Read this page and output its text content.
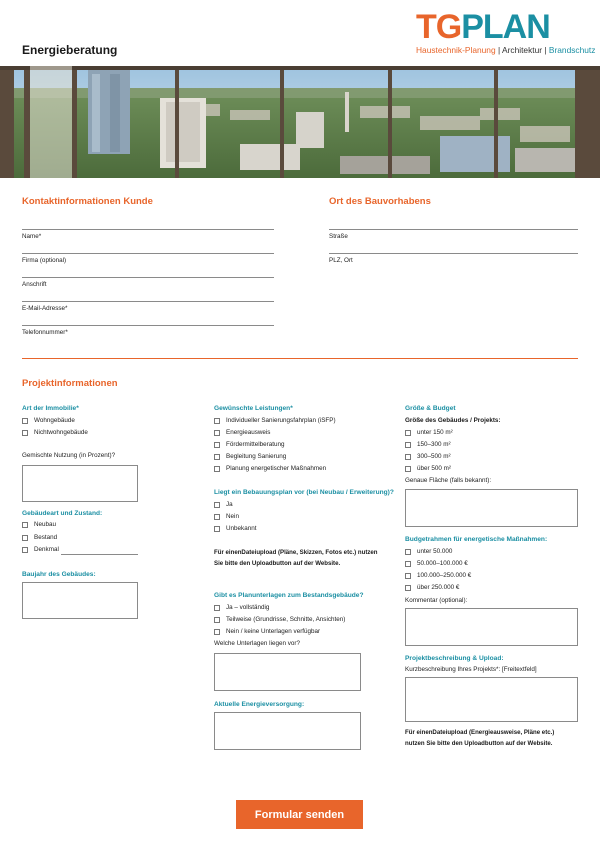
Energieberatung
TGPLAN
Haustechnik-Planung | Architektur | Brandschutz
Kontaktinformationen Kunde
Name*
Firma (optional)
Anschrift
E-Mail-Adresse*
Telefonnummer*
Ort des Bauvorhabens
Straße
PLZ, Ort
Projektinformationen
Art der Immobilie*
Wohngebäude
Nichtwohngebäude
Gemischte Nutzung (in Prozent)?
Gebäudeart und Zustand:
Neubau
Bestand
Denkmal
Baujahr des Gebäudes:
Gewünschte Leistungen*
Individueller Sanierungsfahrplan (iSFP)
Energieausweis
Fördermittelberatung
Begleitung Sanierung
Planung energetischer Maßnahmen
Liegt ein Bebauungsplan vor (bei Neubau / Erweiterung)?
Ja
Nein
Unbekannt
Für einenDateiupload (Pläne, Skizzen, Fotos etc.) nutzen
Sie bitte den Uploadbutton auf der Website.
Gibt es Planunterlagen zum Bestandsgebäude?
Ja – vollständig
Teilweise (Grundrisse, Schnitte, Ansichten)
Nein / keine Unterlagen verfügbar
Welche Unterlagen liegen vor?
Aktuelle Energieversorgung:
Größe & Budget
Größe des Gebäudes / Projekts:
unter 150 m²
150–300 m²
300–500 m²
über 500 m²
Genaue Fläche (falls bekannt):
Budgetrahmen für energetische Maßnahmen:
unter 50.000
50.000–100.000 €
100.000–250.000 €
über 250.000 €
Kommentar (optional):
Projektbeschreibung & Upload:
Kurzbeschreibung Ihres Projekts*: [Freitextfeld]
Für einenDateiupload (Energieausweise, Pläne etc.)
nutzen Sie bitte den Uploadbutton auf der Website.
Formular senden
